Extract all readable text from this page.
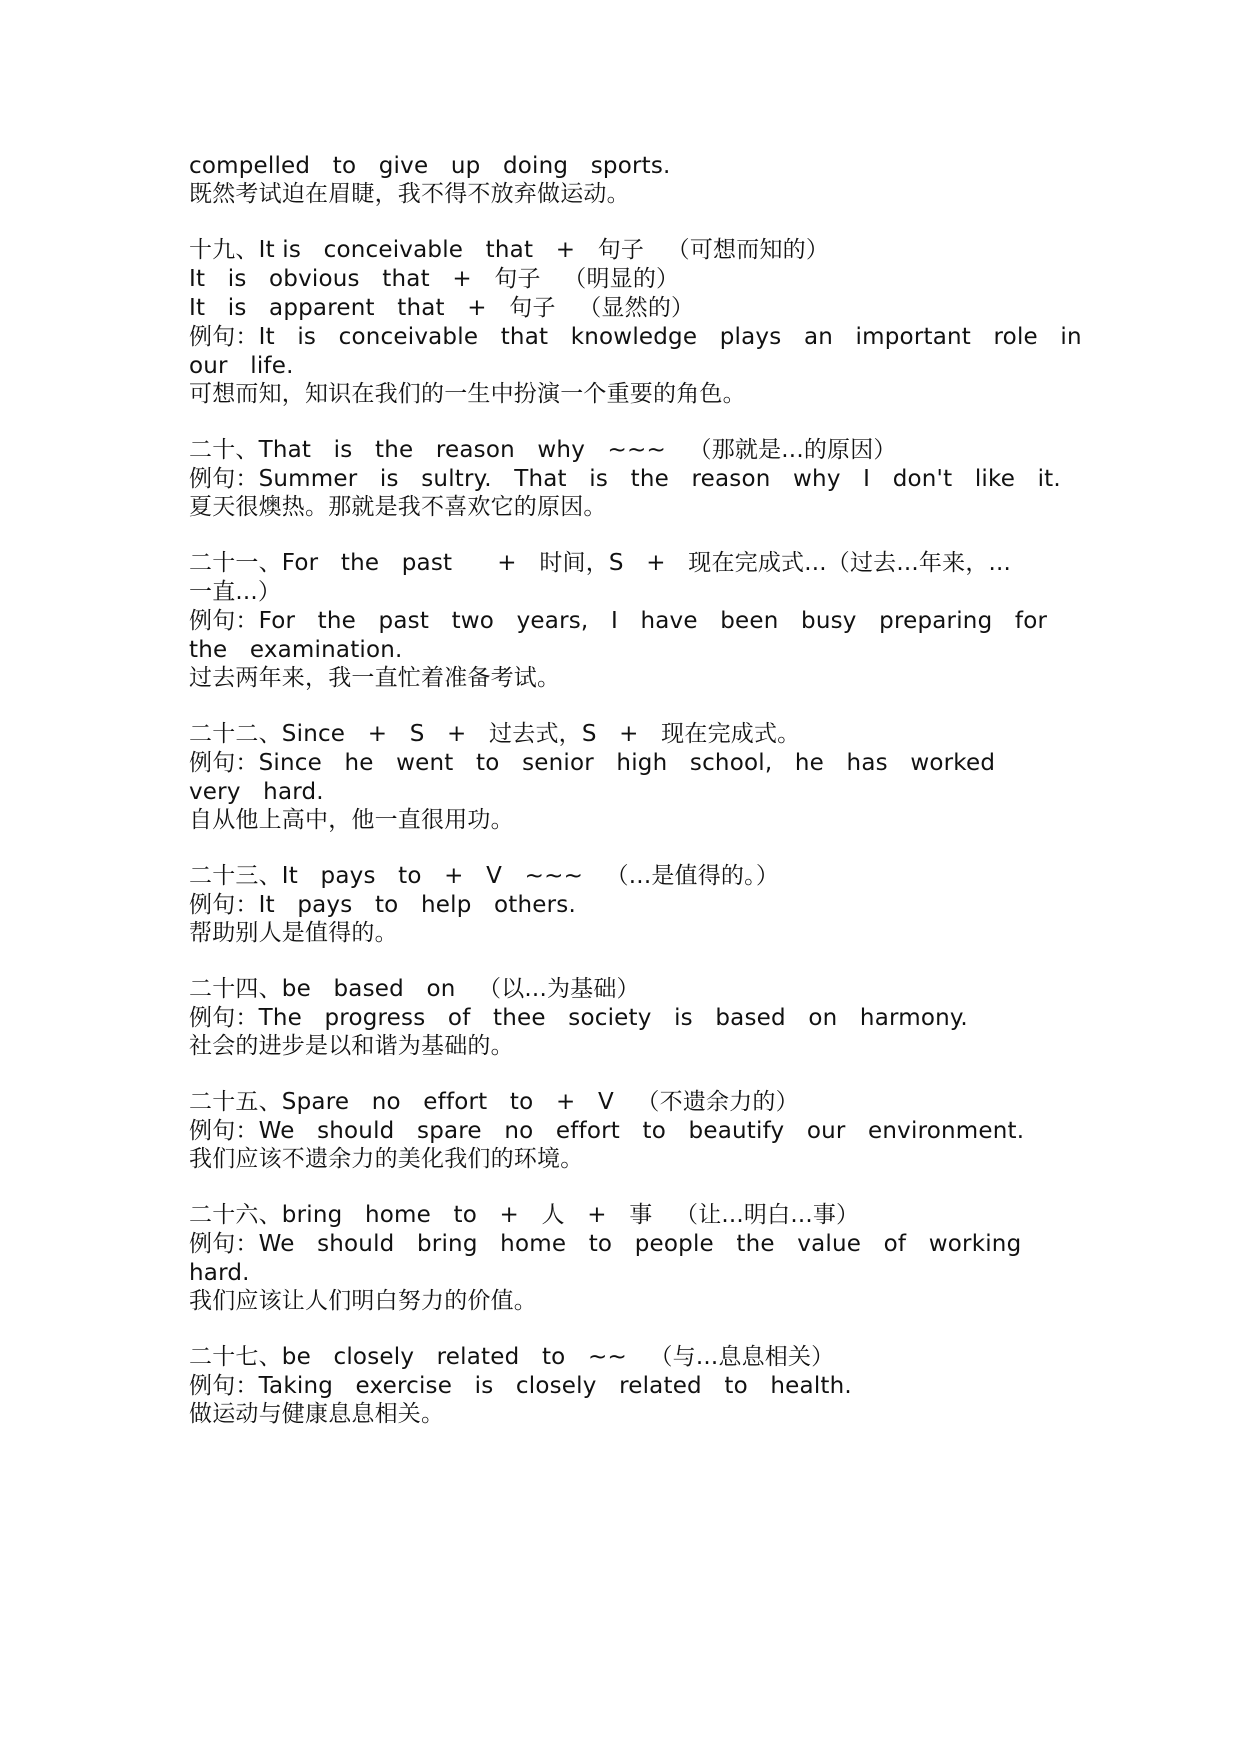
compelled   to   give   up   doing   sports.
既然考试迫在眉睫，我不得不放弃做运动。
十九、It is   conceivable   that   +   句子   （可想而知的）
It   is   obvious   that   +   句子   （明显的）
It   is   apparent   that   +   句子   （显然的）
例句：It   is   conceivable   that   knowledge   plays   an   important   role   in
our   life.
可想而知，知识在我们的一生中扮演一个重要的角色。
二十、That   is   the   reason   why   ~~~   （那就是...的原因）
例句：Summer   is   sultry.   That   is   the   reason   why   I   don't   like   it.
夏天很燠热。那就是我不喜欢它的原因。
二十一、For   the   past      +   时间，S   +   现在完成式...（过去...年来，...
一直...）
例句：For   the   past   two   years,   I   have   been   busy   preparing   for
the   examination.
过去两年来，我一直忙着准备考试。
二十二、Since   +   S   +   过去式，S   +   现在完成式。
例句：Since   he   went   to   senior   high   school,   he   has   worked
very   hard.
自从他上高中，他一直很用功。
二十三、It   pays   to   +   V   ~~~   （...是值得的。）
例句：It   pays   to   help   others.
帮助别人是值得的。
二十四、be   based   on   （以...为基础）
例句：The   progress   of   thee   society   is   based   on   harmony.
社会的进步是以和谐为基础的。
二十五、Spare   no   effort   to   +   V   （不遗余力的）
例句：We   should   spare   no   effort   to   beautify   our   environment.
我们应该不遗余力的美化我们的环境。
二十六、bring   home   to   +   人   +   事   （让...明白...事）
例句：We   should   bring   home   to   people   the   value   of   working
hard.
我们应该让人们明白努力的价值。
二十七、be   closely   related   to   ~~   （与...息息相关）
例句：Taking   exercise   is   closely   related   to   health.
做运动与健康息息相关。
